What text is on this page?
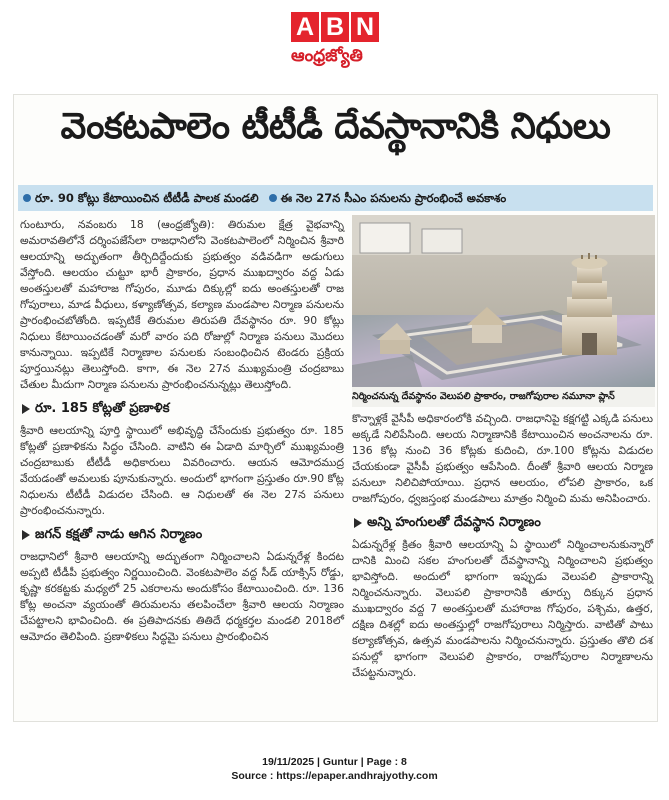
A B N
ఆంధ్రజ్యోతి
వెంకటపాలెం టీటీడీ దేవస్థానానికి నిధులు
రూ. 90 కోట్లు కేటాయించిన టీటీడీ పాలక మండలి ఈ నెల 27న సీఎం పనులను ప్రారంభించే అవకాశం

గుంటూరు, నవంబరు 18 (ఆంధ్రజ్యోతి): తిరుమల క్షేత్ర వైభవాన్ని అమరావతిలోనే దర్శింపజేసేలా రాజధానిలోని వెంకటపాలెంలో నిర్మించిన శ్రీవారి ఆలయాన్ని అద్భుతంగా తీర్చిదిద్దేందుకు ప్రభుత్వం వడివడిగా అడుగులు వేస్తోంది. ఆలయం చుట్టూ భారీ ప్రాకారం, ప్రధాన ముఖద్వారం వద్ద ఏడు అంతస్తులతో మహారాజ గోపురం, మూడు దిక్కుల్లో ఐదు అంతస్తులతో రాజ గోపురాలు, మాడ వీధులు, కళ్యాణోత్సవ, కల్యాణ మండపాల నిర్మాణ పనులను ప్రారంభించబోతోంది. ఇప్పటికే తిరుమల తిరుపతి దేవస్థానం రూ. 90 కోట్లు నిధులు కేటాయించడంతో మరో వారం పది రోజుల్లో నిర్మాణ పనులు మొదలు కానున్నాయి. ఇప్పటికే నిర్మాణాల పనులకు సంబంధించిన టెండరు ప్రక్రియ పూర్తయినట్లు తెలుస్తోంది. కాగా, ఈ నెల 27న ముఖ్యమంత్రి చంద్రబాబు చేతుల మీదుగా నిర్మాణ పనులను ప్రారంభించనున్నట్లు తెలుస్తోంది.

రూ. 185 కోట్లతో ప్రణాళిక

శ్రీవారి ఆలయాన్ని పూర్తి స్థాయిలో అభివృద్ధి చేసేందుకు ప్రభుత్వం రూ. 185 కోట్లతో ప్రణాళికను సిద్ధం చేసింది. వాటిని ఈ ఏడాది మార్చిలో ముఖ్యమంత్రి చంద్రబాబుకు టీటీడీ అధికారులు వివరించారు. ఆయన ఆమోదముద్ర వేయడంతో అమలుకు పూనుకున్నారు. అందులో భాగంగా ప్రస్తుతం రూ.90 కోట్ల నిధులను టీటీడీ విడుదల చేసింది. ఆ నిధులతో ఈ నెల 27న పనులు ప్రారంభించనున్నారు.

జగన్ కక్షతో నాడు ఆగిన నిర్మాణం

రాజధానిలో శ్రీవారి ఆలయాన్ని అద్భుతంగా నిర్మించాలని ఏడున్నరేళ్ల కిందట అప్పటి టీడీపీ ప్రభుత్వం నిర్ణయించింది. వెంకటపాలెం వద్ద సీడ్ యాక్సిస్ రోడ్డు, కృష్ణా కరకట్టకు మధ్యలో 25 ఎకరాలను అందుకోసం కేటాయించింది. రూ. 136 కోట్ల అంచనా వ్యయంతో తిరుమలను తలపించేలా శ్రీవారి ఆలయ నిర్మాణం చేపట్టాలని భావించింది. ఈ ప్రతిపాదనకు తితిదే ధర్మకర్తల మండలి 2018లో ఆమోదం తెలిపింది. ప్రణాళికలు సిద్ధమై పనులు ప్రారంభించిన

నిర్మించనున్న దేవస్థానం వెలుపలి ప్రాకారం, రాజగోపురాల నమూనా ప్లాన్

కొన్నాళ్లకే వైసీపీ అధికారంలోకి వచ్చింది. రాజధానిపై కక్షగట్టి ఎక్కడి పనులు అక్కడే నిలిపేసింది. ఆలయ నిర్మాణానికి కేటాయించిన అంచనాలను రూ. 136 కోట్ల నుంచి 36 కోట్లకు కుదించి, రూ.100 కోట్లను విడుదల చేయకుండా వైసీపీ ప్రభుత్వం ఆపేసింది. దీంతో శ్రీవారి ఆలయ నిర్మాణ పనులూ నిలిచిపోయాయి. ప్రధాన ఆలయం, లోపలి ప్రాకారం, ఒక రాజగోపురం, ధ్వజస్తంభ మండపాలు మాత్రం నిర్మించి మమ అనిపించారు.

అన్ని హంగులతో దేవస్థాన నిర్మాణం

ఏడున్నరేళ్ల క్రితం శ్రీవారి ఆలయాన్ని ఏ స్థాయిలో నిర్మించాలనుకున్నారో దానికి మించి సకల హంగులతో దేవస్థానాన్ని నిర్మించాలని ప్రభుత్వం భావిస్తోంది. అందులో భాగంగా ఇప్పుడు వెలుపలి ప్రాకారాన్ని నిర్మించనున్నారు. వెలుపలి ప్రాకారానికి తూర్పు దిక్కున ప్రధాన ముఖద్వారం వద్ద 7 అంతస్తులతో మహారాజ గోపురం, పశ్చిమ, ఉత్తర, దక్షిణ దిశల్లో ఐదు అంతస్తుల్లో రాజగోపురాలు నిర్మిస్తారు. వాటితో పాటు కల్యాణోత్సవ, ఉత్సవ మండపాలను నిర్మించనున్నారు. ప్రస్తుతం తొలి దశ పనుల్లో భాగంగా వెలుపలి ప్రాకారం, రాజగోపురాల నిర్మాణాలను చేపట్టనున్నారు.

19/11/2025 | Guntur | Page : 8
Source : https://epaper.andhrajyothy.com
